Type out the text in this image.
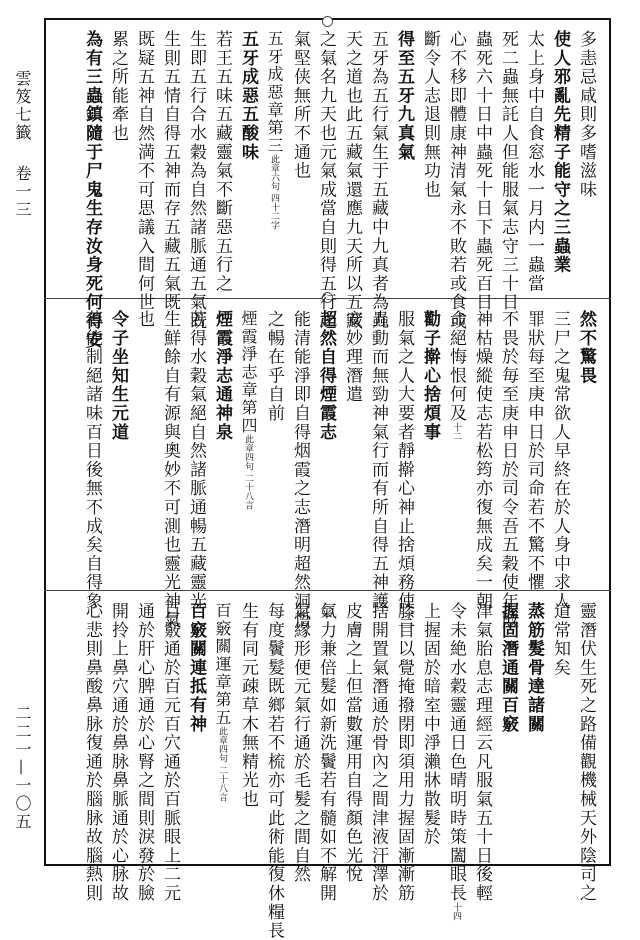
雲笈七籤
卷一三
二二一—一〇五
多恚忌咸則多嗜滋味
使人邪亂先精子能守之三蟲業
太上身中自食窓水一月内一蟲當
死二蟲無託人但能服氣志守三十日
蟲死六十日中蟲死十日下蟲死百日
心不移即體康神清氣永不敗若或食或
斷令人志退則無功也
得至五牙九真氣
五牙為五行氣生于五藏中九真者為九
天之道也此五藏氣還應九天所以五藏
之氣名九天也元氣成當自則得五行之
氣堅侠無所不通也
五牙成惡章第三此章六句 四十二字
五牙成惡五酸味
若王五味五藏靈氣不斷惡五行之
生即五行合水穀為自然諸脈通五氣既
生則五情自得五神而存五藏五氣既
既疑五神自然満不可思議入間何世
累之所能牽也
為有三蟲鎮隨于尸鬼生存汝身死何得安	然不驚畏
三尸之鬼常欲人早終在於人身中求人
罪狀每至庚申日於司命若不驚不懼
不畏於毎至庚申日於司令吾五穀使年敗
神枯燥縱使志若松筠亦復無成矣一朝
命絕悔恨何及十二
勸子擀心捨煩事
服氣之人大要者靜擀心神止捨煩務使三
蟲動而無勁神氣行而有所自得五神護
安妙理潛遣
超然自得煙霞志
能清能淨即自得烟霞之志潛明超然洞悟
之暢在乎自前
煙霞淨志章第四此章四句 二十八言
煙霞淨志通神泉
若得水穀氣絕自然諸脈通暢五藏靈光
生鮮餘自有源與奧妙不可測也靈光神氣
也
令子坐知生元道
若能制絕諸味百日後無不成矣自得象
靈潛伏生死之路備觀機械天外陰司之
道常知矣
蒸筋髮骨達諸關
握固潛通關百竅
津氣胎息志理經云凡服氣五十日後輕
令未絶水穀靈通日色晴明時策闔眼長十四
上握固於暗室中淨瀨牀散髮於
膝目以覺掩撥閉即須用力握固漸漸筋
捨開置氣潛通於骨內之間津液汗澤於
皮膚之上但當數運用自得顏色光悅
氣力兼倍髮如新洗鬢若有髓如不解開
氣緣形便元氣行通於毛髮之間自然
每度鬢髮既鄉若不梳亦可此術能復休糧長
生有同元疎草木無精光也
百竅關運章第五此章四句 二十八言
百竅關連抵有神
百竅通於百元百穴通於百脈眼上二元
通於肝心脾通於心腎之間則淚發於臉
開拎上鼻穴通於鼻脉鼻脈通於心脉故
心悲則鼻酸鼻脉復通於腦脉故腦熱則
